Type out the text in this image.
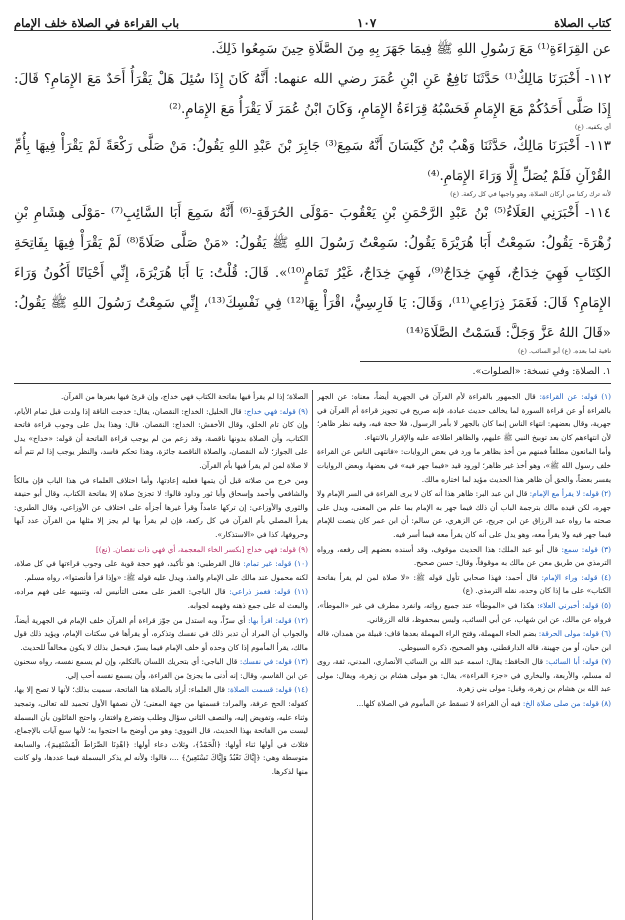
كتاب الصلاة
١٠٧
باب القراءة في الصلاة خلف الإمام

عن القِرَاءَةِ⁽¹⁾ مَعَ رَسُولِ اللهِ ﷺ فِيمَا جَهَرَ بِهِ مِنَ الصَّلَاةِ حِينَ سَمِعُوا ذَلِكَ.

١١٢- أَخْبَرَنَا مَالِكٌ⁽¹⁾ حَدَّثَنَا نَافِعٌ عَنِ ابْنِ عُمَرَ رضي الله عنهما: أَنَّهُ كَانَ إِذَا سُئِلَ هَلْ يَقْرَأُ أَحَدٌ مَعَ الإِمَامِ؟ قَالَ: إِذَا صَلَّى أَحَدُكُمْ مَعَ الإِمَامِ فَحَسْبُهُ قِرَاءَةُ الإِمَامِ، وَكَانَ ابْنُ عُمَرَ لَا يَقْرَأُ مَعَ الإِمَامِ.⁽²⁾

أي يكفيه. (ع)

١١٣- أَخْبَرَنَا مَالِكٌ، حَدَّثَنَا وَهْبُ بْنُ كَيْسَانَ أَنَّهُ سَمِعَ⁽³⁾ جَابِرَ بْنَ عَبْدِ اللهِ يَقُولُ: مَنْ صَلَّى رَكْعَةً لَمْ يَقْرَأْ فِيهَا بِأُمِّ القُرْآنِ فَلَمْ يُصَلِّ إِلَّا وَرَاءَ الإِمَامِ.⁽⁴⁾

لأنه ترك ركنا من أركان الصلاة، وهو واجبها في كل ركعة. (ع)

١١٤- أَخْبَرَنِي العَلَاءُ⁽⁵⁾ بْنُ عَبْدِ الرَّحْمَنِ بْنِ يَعْقُوبَ -مَوْلَى الحُرَقَةِ-⁽⁶⁾ أَنَّهُ سَمِعَ أَبَا السَّائِبِ⁽⁷⁾ -مَوْلَى هِشَامِ بْنِ زُهْرَةَ- يَقُولُ: سَمِعْتُ أَبَا هُرَيْرَةَ يَقُولُ: سَمِعْتُ رَسُولَ اللهِ ﷺ يَقُولُ: «مَنْ صَلَّى صَلَاةً⁽⁸⁾ لَمْ يَقْرَأْ فِيهَا بِفَاتِحَةِ الكِتَابِ فَهِيَ خِدَاجٌ، فَهِيَ خِدَاجٌ⁽⁹⁾، فَهِيَ خِدَاجٌ، غَيْرُ تَمَامٍ⁽¹⁰⁾». قَالَ: قُلْتُ: يَا أَبَا هُرَيْرَةَ، إِنِّي أَحْيَانًا أَكُونُ وَرَاءَ الإِمَامِ؟ قَالَ: فَغَمَزَ ذِرَاعِي⁽¹¹⁾، وَقَالَ: يَا فَارِسِيُّ، اقْرَأْ بِهَا⁽¹²⁾ فِي نَفْسِكَ⁽¹³⁾، إِنِّي سَمِعْتُ رَسُولَ اللهِ ﷺ يَقُولُ: «قَالَ اللهُ عَزَّ وَجَلَّ: قَسَمْتُ الصَّلَاةَ⁽¹⁴⁾

نافية لما بعده. (ع) أبو السائب. (ع)
١. الصلاة: وفي نسخة: «الصلوات».

(١) قوله: عن القراءة: قال الجمهور بالقراءة لأم القرآن في الجهرية أيضاً، معناه: عن الجهر بالقراءة أو عن قراءة السورة لما يخالف حديث عبادة، فإنه صريح في تجويز قراءة أم القرآن في جهرية، وقال بعضهم: انتهاء الناس إنما كان بالجهر لا بأمر الرسول، فلا حجة فيه، وفيه نظر ظاهر؛ لأن انتهاءهم كان بعد توبيخ النبي ﷺ عليهم، والظاهر اطلاعه عليه والإقرار بالانتهاء.

وأما المانعون مطلقاً فمنهم من أخذ بظاهر ما ورد في بعض الروايات: «فانتهى الناس عن القراءة خلف رسول الله ﷺ»، وهو أخذ غير ظاهر؛ لورود قيد «فيما جهر فيه» في بعضها، وبعض الروايات يفسر بعضاً، والحق أن ظاهر هذا الحديث مؤيد لما اختاره مالك.

(٢) قوله: لا يقرأ مع الإمام: قال ابن عبد البر: ظاهر هذا أنه كان لا يرى القراءة في السر الإمام ولا جهره، لكن قيده مالك بترجمة الباب أن ذلك فيما جهر به الإمام بما علم من المعنى، ويدل على صحته ما رواه عبد الرزاق عن ابن جريج، عن الزهري، عن سالم: أن ابن عمر كان ينصت للإمام فيما جهر فيه ولا يقرأ معه، وهو يدل على أنه كان يقرأ معه فيما أسر فيه.

(٣) قوله: سمع: قال أبو عبد الملك: هذا الحديث موقوف، وقد أسنده بعضهم إلى رفعه، ورواه الترمذي من طريق معن عن مالك به موقوفاً، وقال: حسن صحيح.

(٤) قوله: وراء الإمام: قال أحمد: فهذا صحابي تأول قوله ﷺ: «لا صلاة لمن لم يقرأ بفاتحة الكتاب» على ما إذا كان وحده، نقله الترمذي. (ع)

(٥) قوله: أخبرني العلاء: هكذا في «الموطأ» عند جميع رواته، وانفرد مطرف في غير «الموطأ»، فرواه عن مالك، عن ابن شهاب، عن أبي السائب، وليس بمحفوظ، قاله الزرقاني.

(٦) قوله: مولى الحرقة: بضم الحاء المهملة، وفتح الراء المهملة بعدها قاف: قبيلة من همدان، قاله ابن حبان، أو من جهينة، قاله الدارقطني، وهو الصحيح، ذكره السيوطي.

(٧) قوله: أبا السائب: قال الحافظ: يقال: اسمه عبد الله بن السائب الأنصاري، المدني، ثقة، روى له مسلم، والأربعة، والبخاري في «جزء القراءة»، يقال: هو مولى هشام بن زهرة، ويقال: مولى عبد الله بن هشام بن زهرة، وقيل: مولى بني زهرة.

(٨) قوله: من صلى صلاة الخ: فيه أن القراءة لا تسقط عن المأموم في الصلاة كلها...

الصلاة؛ إذا لم يقرأ فيها بفاتحة الكتاب فهي خداج، وإن قرئ فيها بغيرها من القرآن.

(٩) قوله: فهي خداج: قال الخليل: الخداج: النقصان، يقال: خدجت الناقة إذا ولدت قبل تمام الأيام، وإن كان تام الخلق، وقال الأخفش: الخداج: النقصان. قال: وهذا يدل على وجوب قراءة فاتحة الكتاب، وأن الصلاة بدونها ناقصة، وقد زعم من لم يوجب قراءة الفاتحة أن قوله: «خداج» يدل على الجواز؛ لأنه النقصان، والصلاة الناقصة جائزة، وهذا تحكم فاسد، والنظر يوجب إذا لم تتم أنه لا صلاة لمن لم يقرأ فيها بأم القرآن.

ومن خرج من صلاته قبل أن يتمها فعليه إعادتها، وأما اختلاف العلماء في هذا الباب فإن مالكاً والشافعي وأحمد وإسحاق وأبا ثور وداود قالوا: لا تجزئ صلاة إلا بفاتحة الكتاب، وقال أبو حنيفة والثوري والأوزاعي: إن تركها عامداً وقرأ غيرها أجزأه على اختلاف عن الأوزاعي، وقال الطبري: يقرأ المصلي بأم القرآن في كل ركعة، فإن لم يقرأ بها لم يجز إلا مثلها من القرآن عدد آيها وحروفها، كذا في «الاستذكار».

(٩) قوله: فهي خداج [بكسر الخاء المعجمة، أي فهي ذات نقصان. (نع)]

(١٠) قوله: غير تمام: قال القرطبي: هو تأكيد، فهو حجة قوية على وجوب قراءتها في كل صلاة، لكنه محمول عند مالك على الإمام والفذ، ويدل عليه قوله ﷺ: «وإذا قرأ فأنصتوا»، رواه مسلم.

(١١) قوله: فغمز ذراعي: قال الباجي: الغمز على معنى التأنيس له، وتنبيهه على فهم مراده، والبعث له على جمع ذهنه وفهمه لجوابه.

(١٢) قوله: اقرأ بها: أي سرّاً، وبه استدل من جوّز قراءة أم القرآن خلف الإمام في الجهرية أيضاً، والجواب أن المراد أن تدبر ذلك في نفسك وتذكره، أو يقرأها في سكتات الإمام، ويؤيد ذلك قول مالك، يقرأ المأموم إذا كان وحده أو خلف الإمام فيما يسرّ، فيحمل بذلك لا يكون مخالفاً للحديث.

(١٣) قوله: في نفسك: قال الباجي: أي بتحريك اللسان بالتكلم، وإن لم يسمع نفسه، رواه سحنون عن ابن القاسم، وقال: إنه أدنى ما يجزئ من القراءة، وأن يسمع نفسه أحب إلي.

(١٤) قوله: قسمت الصلاة: قال العلماء: أراد بالصلاة هنا الفاتحة، سميت بذلك؛ لأنها لا تصح إلا بها، كقوله: الحج عرفة، والمراد: قسمتها من جهة المعنى؛ لأن نصفها الأول تحميد لله تعالى، وتمجيد وثناء عليه، وتفويض إليه، والنصف الثاني سؤال وطلب وتضرع وافتقار، واحتج القائلون بأن البسملة ليست من الفاتحة بهذا الحديث، قال النووي: وهو من أوضح ما احتجوا به؛ لأنها سبع آيات بالإجماع، فثلاث في أولها ثناء أولها: ﴿الْحَمْدُ﴾، وثلاث دعاء أولها: ﴿اهْدِنَا الصِّرَاطَ الْمُسْتَقِيمَ﴾، والسابعة متوسطة وهي: ﴿إِيَّاكَ نَعْبُدُ وَإِيَّاكَ نَسْتَعِينُ﴾ ...، قالوا: ولأنه لم يذكر البسملة فيما عددها، ولو كانت منها لذكرها.
